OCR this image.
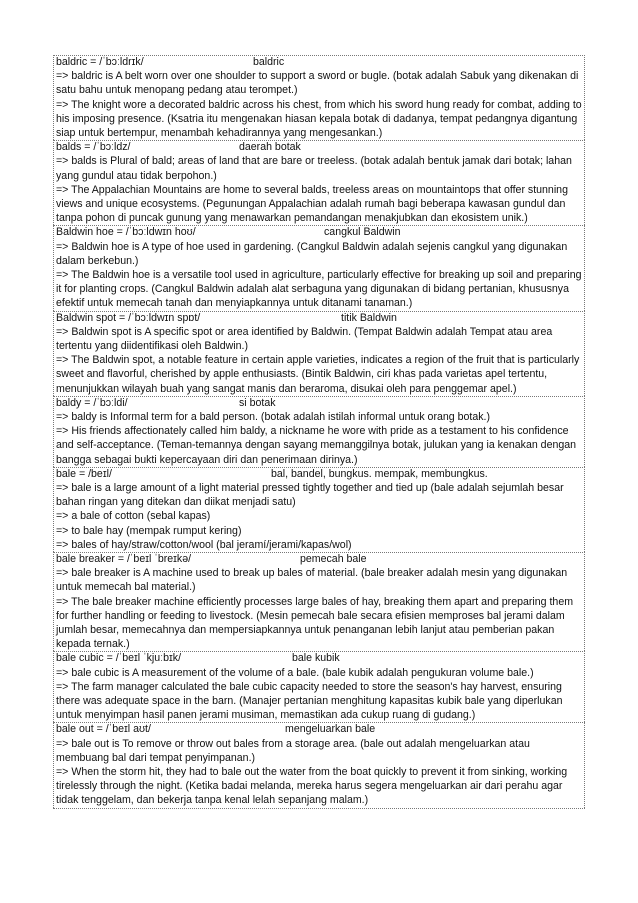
baldric = /ˈbɔːldrɪk/	baldric
=> baldric is A belt worn over one shoulder to support a sword or bugle. (botak adalah Sabuk yang dikenakan di satu bahu untuk menopang pedang atau terompet.)
=> The knight wore a decorated baldric across his chest, from which his sword hung ready for combat, adding to his imposing presence. (Ksatria itu mengenakan hiasan kepala botak di dadanya, tempat pedangnya digantung siap untuk bertempur, menambah kehadirannya yang mengesankan.)
balds = /ˈbɔːldz/	daerah botak
=> balds is Plural of bald; areas of land that are bare or treeless. (botak adalah bentuk jamak dari botak; lahan yang gundul atau tidak berpohon.)
=> The Appalachian Mountains are home to several balds, treeless areas on mountaintops that offer stunning views and unique ecosystems. (Pegunungan Appalachian adalah rumah bagi beberapa kawasan gundul dan tanpa pohon di puncak gunung yang menawarkan pemandangan menakjubkan dan ekosistem unik.)
Baldwin hoe = /ˈbɔːldwɪn hoʊ/	cangkul Baldwin
=> Baldwin hoe is A type of hoe used in gardening. (Cangkul Baldwin adalah sejenis cangkul yang digunakan dalam berkebun.)
=> The Baldwin hoe is a versatile tool used in agriculture, particularly effective for breaking up soil and preparing it for planting crops. (Cangkul Baldwin adalah alat serbaguna yang digunakan di bidang pertanian, khususnya efektif untuk memecah tanah dan menyiapkannya untuk ditanami tanaman.)
Baldwin spot = /ˈbɔːldwɪn spɒt/	titik Baldwin
=> Baldwin spot is A specific spot or area identified by Baldwin. (Tempat Baldwin adalah Tempat atau area tertentu yang diidentifikasi oleh Baldwin.)
=> The Baldwin spot, a notable feature in certain apple varieties, indicates a region of the fruit that is particularly sweet and flavorful, cherished by apple enthusiasts. (Bintik Baldwin, ciri khas pada varietas apel tertentu, menunjukkan wilayah buah yang sangat manis dan beraroma, disukai oleh para penggemar apel.)
baldy = /ˈbɔːldi/	si botak
=> baldy is Informal term for a bald person. (botak adalah istilah informal untuk orang botak.)
=> His friends affectionately called him baldy, a nickname he wore with pride as a testament to his confidence and self-acceptance. (Teman-temannya dengan sayang memanggilnya botak, julukan yang ia kenakan dengan bangga sebagai bukti kepercayaan diri dan penerimaan dirinya.)
bale = /beɪl/	bal, bandel, bungkus. mempak, membungkus.
=> bale is a large amount of a light material pressed tightly together and tied up (bale adalah sejumlah besar bahan ringan yang ditekan dan diikat menjadi satu)
=> a bale of cotton (sebal kapas)
=> to bale hay (mempak rumput kering)
=> bales of hay/straw/cotton/wool (bal jeramí/jerami/kapas/wol)
bale breaker = /ˈbeɪl ˈbreɪkə/	pemecah bale
=> bale breaker is A machine used to break up bales of material. (bale breaker adalah mesin yang digunakan untuk memecah bal material.)
=> The bale breaker machine efficiently processes large bales of hay, breaking them apart and preparing them for further handling or feeding to livestock. (Mesin pemecah bale secara efisien memproses bal jerami dalam jumlah besar, memecahnya dan mempersiapkannya untuk penanganan lebih lanjut atau pemberian pakan kepada ternak.)
bale cubic = /ˈbeɪl ˈkjuːbɪk/	bale kubik
=> bale cubic is A measurement of the volume of a bale. (bale kubik adalah pengukuran volume bale.)
=> The farm manager calculated the bale cubic capacity needed to store the season's hay harvest, ensuring there was adequate space in the barn. (Manajer pertanian menghitung kapasitas kubik bale yang diperlukan untuk menyimpan hasil panen jerami musiman, memastikan ada cukup ruang di gudang.)
bale out = /ˈbeɪl aʊt/	mengeluarkan bale
=> bale out is To remove or throw out bales from a storage area. (bale out adalah mengeluarkan atau membuang bal dari tempat penyimpanan.)
=> When the storm hit, they had to bale out the water from the boat quickly to prevent it from sinking, working tirelessly through the night. (Ketika badai melanda, mereka harus segera mengeluarkan air dari perahu agar tidak tenggelam, dan bekerja tanpa kenal lelah sepanjang malam.)
